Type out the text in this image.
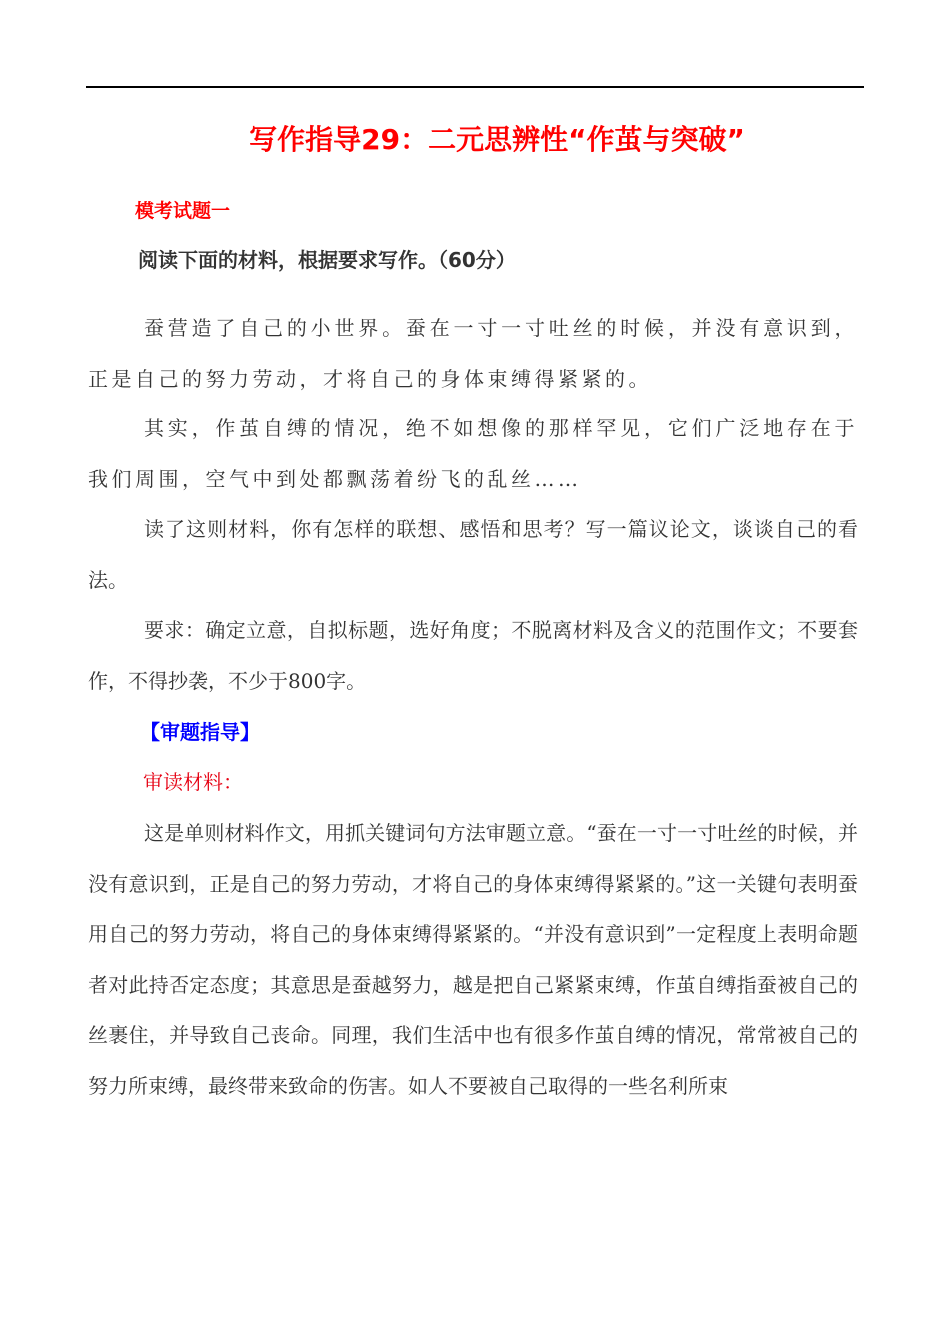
写作指导29：二元思辨性“作茧与突破”
模考试题一
阅读下面的材料，根据要求写作。（60分）

蚕营造了自己的小世界。蚕在一寸一寸吐丝的时候，并没有意识到，正是自己的努力劳动，才将自己的身体束缚得紧紧的。

其实，作茧自缚的情况，绝不如想像的那样罕见，它们广泛地存在于我们周围，空气中到处都飘荡着纷飞的乱丝……

读了这则材料，你有怎样的联想、感悟和思考？写一篇议论文，谈谈自己的看法。

要求：确定立意，自拟标题，选好角度；不脱离材料及含义的范围作文；不要套作，不得抄袭，不少于800字。

【审题指导】
审读材料：

这是单则材料作文，用抓关键词句方法审题立意。“蚕在一寸一寸吐丝的时候，并没有意识到，正是自己的努力劳动，才将自己的身体束缚得紧紧的。”这一关键句表明蚕用自己的努力劳动，将自己的身体束缚得紧紧的。“并没有意识到”一定程度上表明命题者对此持否定态度；其意思是蚕越努力，越是把自己紧紧束缚，作茧自缚指蚕被自己的丝裹住，并导致自己丧命。同理，我们生活中也有很多作茧自缚的情况，常常被自己的努力所束缚，最终带来致命的伤害。如人不要被自己取得的一些名利所束
